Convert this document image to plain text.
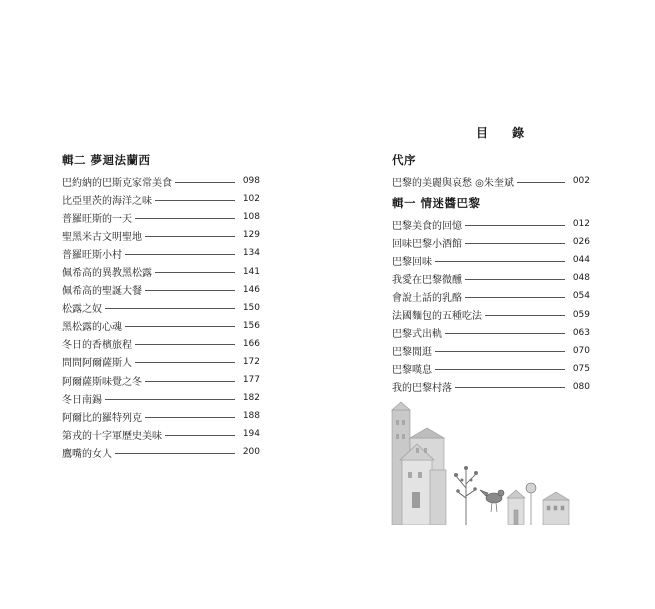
目 錄
輯二 夢迴法蘭西
巴約納的巴斯克家常美食	098
比亞里茨的海洋之味	102
普羅旺斯的一天	108
聖黑米古文明聖地	129
普羅旺斯小村	134
佩希高的異教黑松露	141
佩希高的聖誕大餐	146
松露之奴	150
黑松露的心魂	156
冬日的香檳旅程	166
問問阿爾薩斯人	172
阿爾薩斯味覺之冬	177
冬日南錫	182
阿爾比的羅特列克	188
第戎的十字軍歷史美味	194
鷹嘴的女人	200
代序
巴黎的美麗與哀愁 ◎朱奎斌	002
輯一 情迷醬巴黎
巴黎美食的回憶	012
回味巴黎小酒館	026
巴黎回味	044
我愛在巴黎微醺	048
會說土話的乳酪	054
法國麵包的五種吃法	059
巴黎式出軌	063
巴黎閒逛	070
巴黎嘆息	075
我的巴黎村落	080
